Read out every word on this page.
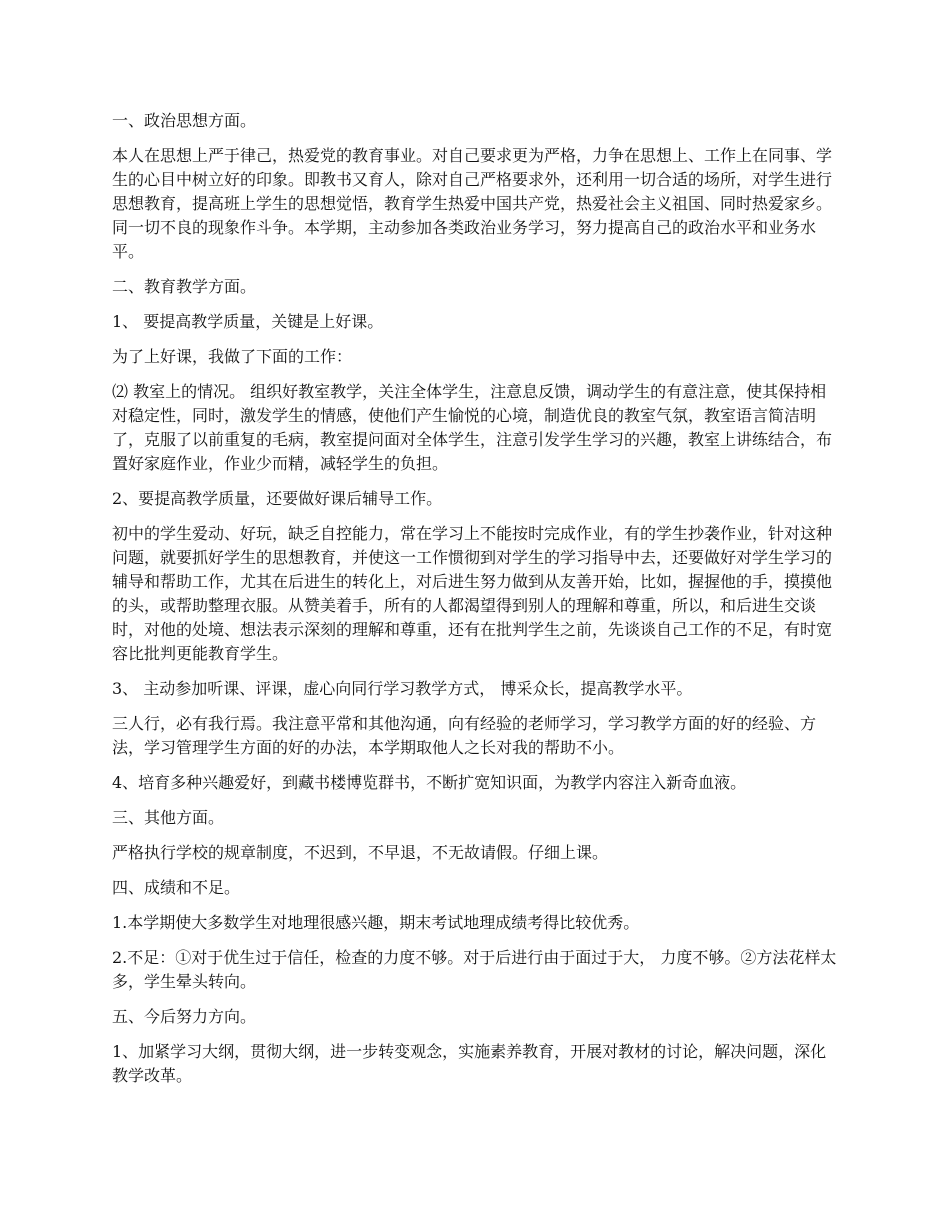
一、政治思想方面。

本人在思想上严于律己，热爱党的教育事业。对自己要求更为严格，力争在思想上、工作上在同事、学生的心目中树立好的印象。即教书又育人，除对自己严格要求外，还利用一切合适的场所，对学生进行思想教育，提高班上学生的思想觉悟，教育学生热爱中国共产党，热爱社会主义祖国、同时热爱家乡。同一切不良的现象作斗争。本学期，主动参加各类政治业务学习，努力提高自己的政治水平和业务水平。

二、教育教学方面。

1、 要提高教学质量，关键是上好课。

为了上好课，我做了下面的工作：

⑵ 教室上的情况。 组织好教室教学，关注全体学生，注意息反馈，调动学生的有意注意，使其保持相对稳定性，同时，激发学生的情感，使他们产生愉悦的心境，制造优良的教室气氛，教室语言简洁明了，克服了以前重复的毛病，教室提问面对全体学生，注意引发学生学习的兴趣，教室上讲练结合，布置好家庭作业，作业少而精，减轻学生的负担。

2、要提高教学质量，还要做好课后辅导工作。

初中的学生爱动、好玩，缺乏自控能力，常在学习上不能按时完成作业，有的学生抄袭作业，针对这种问题，就要抓好学生的思想教育，并使这一工作惯彻到对学生的学习指导中去，还要做好对学生学习的辅导和帮助工作，尤其在后进生的转化上，对后进生努力做到从友善开始，比如，握握他的手，摸摸他的头，或帮助整理衣服。从赞美着手，所有的人都渴望得到别人的理解和尊重，所以，和后进生交谈时，对他的处境、想法表示深刻的理解和尊重，还有在批判学生之前，先谈谈自己工作的不足，有时宽容比批判更能教育学生。

3、 主动参加听课、评课，虚心向同行学习教学方式， 博采众长，提高教学水平。

三人行，必有我行焉。我注意平常和其他沟通，向有经验的老师学习，学习教学方面的好的经验、方法，学习管理学生方面的好的办法，本学期取他人之长对我的帮助不小。

4、培育多种兴趣爱好，到藏书楼博览群书，不断扩宽知识面，为教学内容注入新奇血液。

三、其他方面。

严格执行学校的规章制度，不迟到，不早退，不无故请假。仔细上课。

四、成绩和不足。

1.本学期使大多数学生对地理很感兴趣，期末考试地理成绩考得比较优秀。

2.不足：①对于优生过于信任，检查的力度不够。对于后进行由于面过于大， 力度不够。②方法花样太多，学生晕头转向。

五、今后努力方向。

1、加紧学习大纲，贯彻大纲，进一步转变观念，实施素养教育，开展对教材的讨论，解决问题，深化教学改革。
